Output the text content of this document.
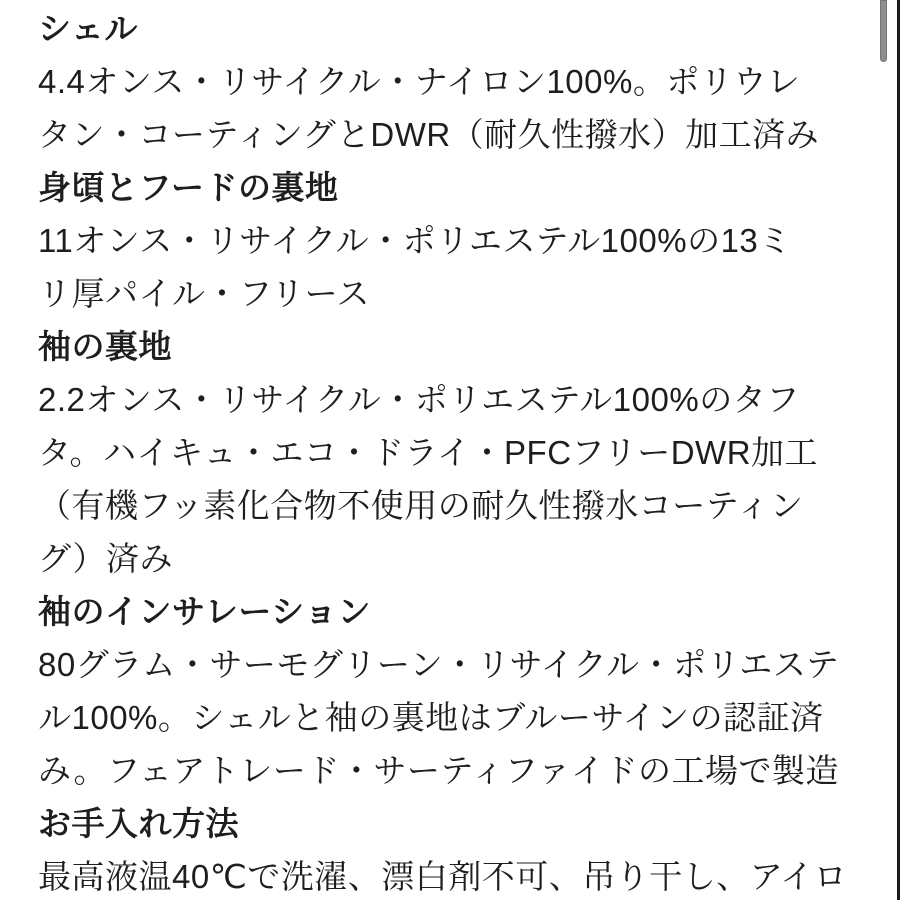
シェル
4.4オンス・リサイクル・ナイロン100%。ポリウレ
タン・コーティングとDWR（耐久性撥水）加工済み
身頃とフードの裏地
11オンス・リサイクル・ポリエステル100%の13ミ
リ厚パイル・フリース
袖の裏地
2.2オンス・リサイクル・ポリエステル100%のタフ
タ。ハイキュ・エコ・ドライ・PFCフリーDWR加工
（有機フッ素化合物不使用の耐久性撥水コーティン
グ）済み
袖のインサレーション
80グラム・サーモグリーン・リサイクル・ポリエステ
ル100%。シェルと袖の裏地はブルーサインの認証済
み。フェアトレード・サーティファイドの工場で製造
お手入れ方法
最高液温40℃で洗濯、漂白剤不可、吊り干し、アイロ
